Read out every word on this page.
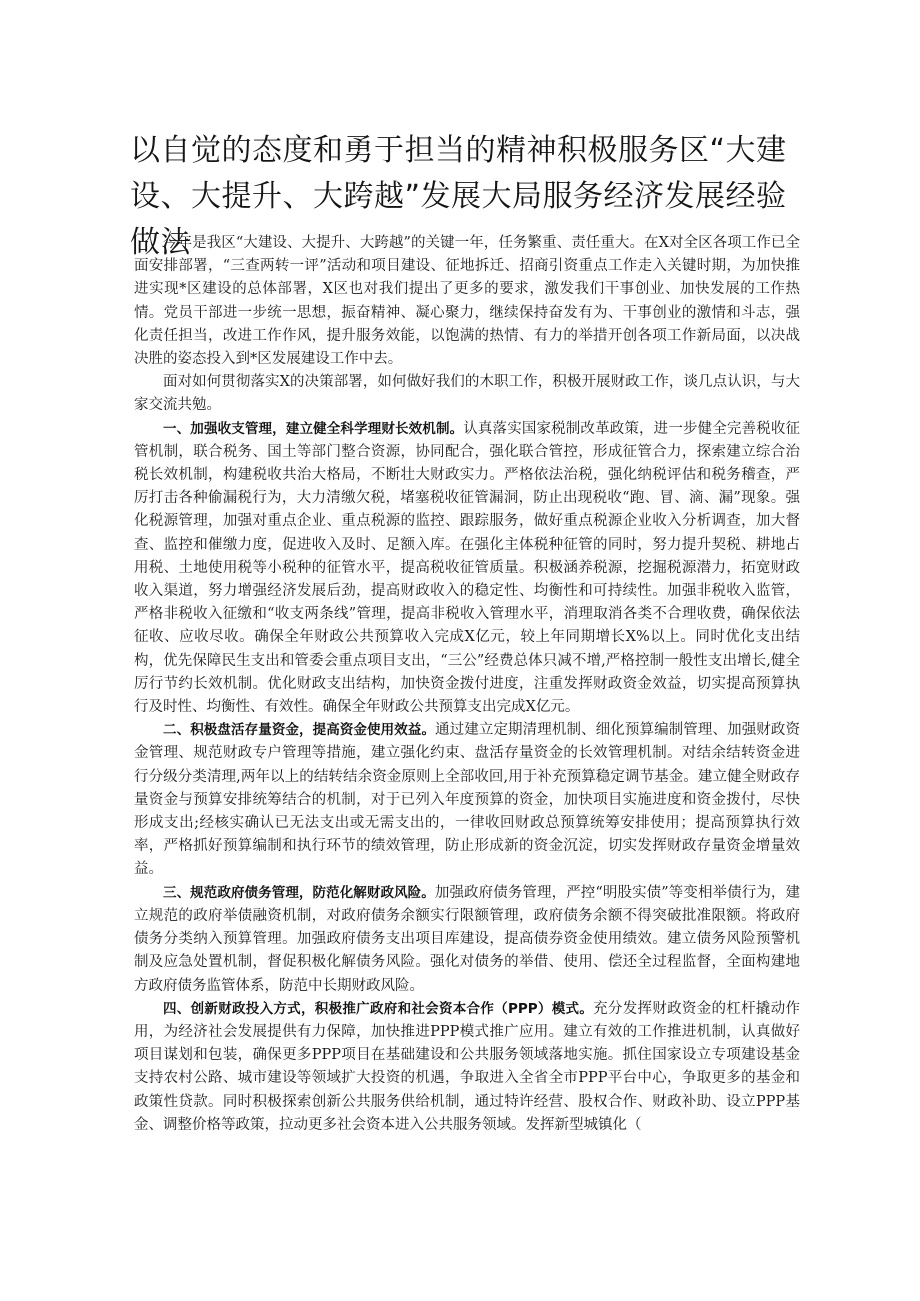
以自觉的态度和勇于担当的精神积极服务区“大建设、大提升、大跨越”发展大局服务经济发展经验做法

今年是我区“大建设、大提升、大跨越”的关键一年，任务繁重、责任重大。在X对全区各项工作已全面安排部署，“三查两转一评”活动和项目建设、征地拆迁、招商引资重点工作走入关键时期，为加快推进实现*区建设的总体部署，X区也对我们提出了更多的要求，激发我们干事创业、加快发展的工作热情。党员干部进一步统一思想，振奋精神、凝心聚力，继续保持奋发有为、干事创业的激情和斗志，强化责任担当，改进工作作风，提升服务效能，以饱满的热情、有力的举措开创各项工作新局面，以决战决胜的姿态投入到*区发展建设工作中去。

面对如何贯彻落实X的决策部署，如何做好我们的木职工作，积极开展财政工作，谈几点认识，与大家交流共勉。

一、加强收支管理，建立健全科学理财长效机制。认真落实国家税制改革政策，进一步健全完善税收征管机制，联合税务、国土等部门整合资源，协同配合，强化联合管控，形成征管合力，探索建立综合治税长效机制，构建税收共治大格局，不断壮大财政实力。严格依法治税，强化纳税评估和税务稽查，严厉打击各种偷漏税行为，大力清缴欠税，堵塞税收征管漏洞，防止出现税收“跑、冒、滴、漏”现象。强化税源管理，加强对重点企业、重点税源的监控、跟踪服务，做好重点税源企业收入分析调查，加大督查、监控和催缴力度，促进收入及时、足额入库。在强化主体税种征管的同时，努力提升契税、耕地占用税、土地使用税等小税种的征管水平，提高税收征管质量。积极涵养税源，挖掘税源潜力，拓宽财政收入渠道，努力增强经济发展后劲，提高财政收入的稳定性、均衡性和可持续性。加强非税收入监管，严格非税收入征缴和“收支两条线”管理，提高非税收入管理水平，消理取消各类不合理收费，确保依法征收、应收尽收。确保全年财政公共预算收入完成X亿元，较上年同期增长X%以上。同时优化支出结构，优先保障民生支出和管委会重点项目支出，“三公”经费总体只减不增,严格控制一般性支出增长,健全厉行节约长效机制。优化财政支出结构，加快资金拨付进度，注重发挥财政资金效益，切实提高预算执行及时性、均衡性、有效性。确保全年财政公共预算支出完成X亿元。

二、积极盘活存量资金，提高资金使用效益。通过建立定期清理机制、细化预算编制管理、加强财政资金管理、规范财政专户管理等措施，建立强化约束、盘活存量资金的长效管理机制。对结余结转资金进行分级分类清理,两年以上的结转结余资金原则上全部收回,用于补充预算稳定调节基金。建立健全财政存量资金与预算安排统筹结合的机制，对于已列入年度预算的资金，加快项目实施进度和资金拨付，尽快形成支出;经核实确认已无法支出或无需支出的，一律收回财政总预算统筹安排使用；提高预算执行效率，严格抓好预算编制和执行环节的绩效管理，防止形成新的资金沉淀，切实发挥财政存量资金增量效益。

三、规范政府债务管理，防范化解财政风险。加强政府债务管理，严控“明股实债”等变相举债行为，建立规范的政府举债融资机制，对政府债务余额实行限额管理，政府债务余额不得突破批准限额。将政府债务分类纳入预算管理。加强政府债务支出项目库建设，提高债券资金使用绩效。建立债务风险预警机制及应急处置机制，督促积极化解债务风险。强化对债务的举借、使用、偿还全过程监督，全面构建地方政府债务监管体系，防范中长期财政风险。

四、创新财政投入方式，积极推广政府和社会资本合作（PPP）模式。充分发挥财政资金的杠杆撬动作用，为经济社会发展提供有力保障，加快推进PPP模式推广应用。建立有效的工作推进机制，认真做好项目谋划和包装，确保更多PPP项目在基础建设和公共服务领域落地实施。抓住国家设立专项建设基金支持农村公路、城市建设等领域扩大投资的机遇，争取进入全省全市PPP平台中心，争取更多的基金和政策性贷款。同时积极探索创新公共服务供给机制，通过特许经营、股权合作、财政补助、设立PPP基金、调整价格等政策，拉动更多社会资本进入公共服务领域。发挥新型城镇化（
